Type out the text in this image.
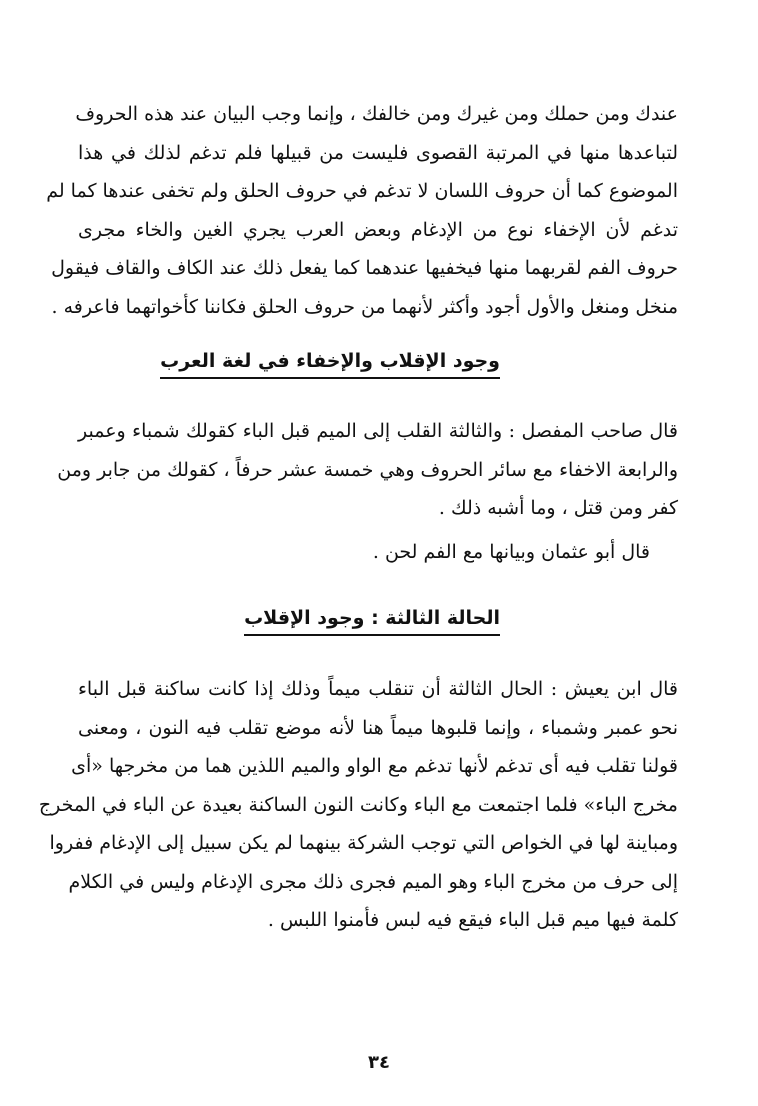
عندك ومن حملك ومن غيرك ومن خالفك ، وإنما وجب البيان عند هذه الحروف
لتباعدها منها في المرتبة القصوى فليست من قبيلها فلم تدغم لذلك في هذا
الموضوع كما أن حروف اللسان لا تدغم في حروف الحلق ولم تخفى عندها كما لم
تدغم لأن الإخفاء نوع من الإدغام وبعض العرب يجري الغين والخاء مجرى
حروف الفم لقربهما منها فيخفيها عندهما كما يفعل ذلك عند الكاف والقاف فيقول
منخل ومنغل والأول أجود وأكثر لأنهما من حروف الحلق فكاننا كأخواتهما فاعرفه .
وجود الإقلاب والإخفاء في لغة العرب
قال صاحب المفصل : والثالثة القلب إلى الميم قبل الباء كقولك شمباء وعمبر
والرابعة الاخفاء مع سائر الحروف وهي خمسة عشر حرفاً ، كقولك من جابر ومن
كفر ومن قتل ، وما أشبه ذلك .
قال أبو عثمان وبيانها مع الفم لحن .
الحالة الثالثة : وجود الإقلاب
قال ابن يعيش : الحال الثالثة أن تنقلب ميماً وذلك إذا كانت ساكنة قبل الباء
نحو عمبر وشمباء ، وإنما قلبوها ميماً هنا لأنه موضع تقلب فيه النون ، ومعنى
قولنا تقلب فيه أى تدغم لأنها تدغم مع الواو والميم اللذين هما من مخرجها «أى
مخرج الباء» فلما اجتمعت مع الباء وكانت النون الساكنة بعيدة عن الباء في المخرج
ومباينة لها في الخواص التي توجب الشركة بينهما لم يكن سبيل إلى الإدغام ففروا
إلى حرف من مخرج الباء وهو الميم فجرى ذلك مجرى الإدغام وليس في الكلام
كلمة فيها ميم قبل الباء فيقع فيه لبس فأمنوا اللبس .
٣٤
